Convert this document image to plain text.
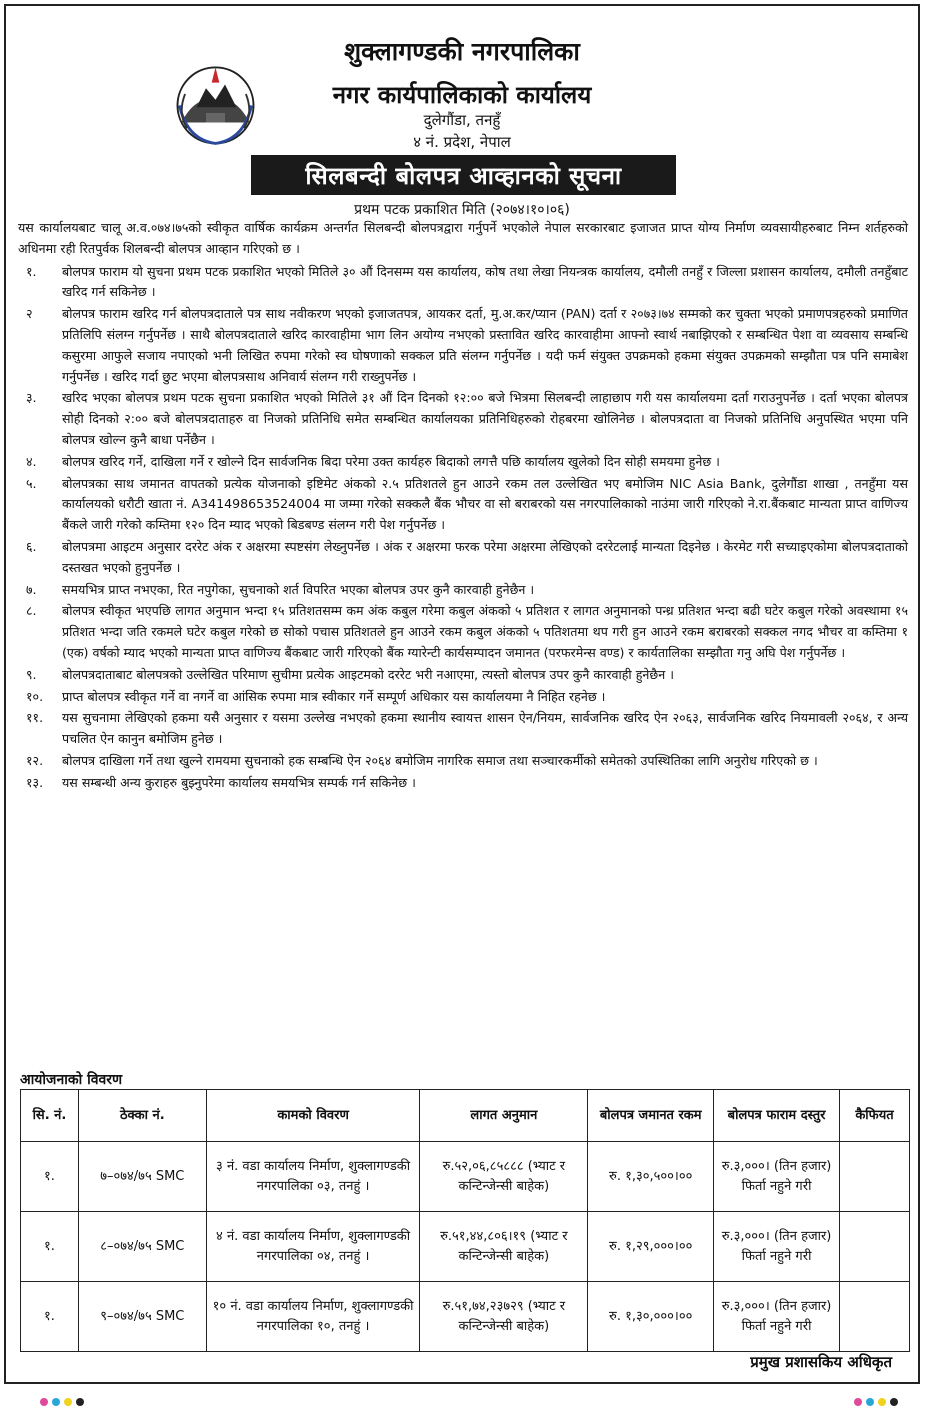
शुक्लागण्डकी नगरपालिका
नगर कार्यपालिकाको कार्यालय
दुलेगौंडा, तनहुँ
४ नं. प्रदेश, नेपाल
सिलबन्दी बोलपत्र आव्हानको सूचना
प्रथम पटक प्रकाशित मिति (२०७४।१०।०६)

यस कार्यालयबाट चालू अ.व.०७४।७५को स्वीकृत वार्षिक कार्यक्रम अन्तर्गत सिलबन्दी बोलपत्रद्वारा गर्नुपर्ने भएकोले नेपाल सरकारबाट इजाजत प्राप्त योग्य निर्माण व्यवसायीहरुबाट निम्न शर्तहरुको अधिनमा रही रितपुर्वक शिलबन्दी बोलपत्र आव्हान गरिएको छ ।

१.	बोलपत्र फाराम यो सुचना प्रथम पटक प्रकाशित भएको मितिले ३० औं दिनसम्म यस कार्यालय, कोष तथा लेखा नियन्त्रक कार्यालय, दमौली तनहुँ र जिल्ला प्रशासन कार्यालय, दमौली तनहुँबाट खरिद गर्न सकिनेछ ।
२	बोलपत्र फाराम खरिद गर्न बोलपत्रदाताले पत्र साथ नवीकरण भएको इजाजतपत्र, आयकर दर्ता, मु.अ.कर/प्यान (PAN) दर्ता र २०७३।७४ सम्मको कर चुक्ता भएको प्रमाणपत्रहरुको प्रमाणित प्रतिलिपि संलग्न गर्नुपर्नेछ । साथै बोलपत्रदाताले खरिद कारवाहीमा भाग लिन अयोग्य नभएको प्रस्तावित खरिद कारवाहीमा आफ्नो स्वार्थ नबाझिएको र सम्बन्धित पेशा वा व्यवसाय सम्बन्धि कसुरमा आफुले सजाय नपाएको भनी लिखित रुपमा गरेको स्व घोषणाको सक्कल प्रति संलग्न गर्नुपर्नेछ । यदी फर्म संयुक्त उपक्रमको हकमा संयुक्त उपक्रमको सम्झौता पत्र पनि समाबेश गर्नुपर्नेछ । खरिद गर्दा छुट भएमा बोलपत्रसाथ अनिवार्य संलग्न गरी राख्नुपर्नेछ ।
३.	खरिद भएका बोलपत्र प्रथम पटक सुचना प्रकाशित भएको मितिले ३१ औं दिन दिनको १२:०० बजे भित्रमा सिलबन्दी लाहाछाप गरी यस कार्यालयमा दर्ता गराउनुपर्नेछ । दर्ता भएका बोलपत्र सोही दिनको २:०० बजे बोलपत्रदाताहरु वा निजको प्रतिनिधि समेत सम्बन्धित कार्यालयका प्रतिनिधिहरुको रोहबरमा खोलिनेछ । बोलपत्रदाता वा निजको प्रतिनिधि अनुपस्थित भएमा पनि बोलपत्र खोल्न कुनै बाधा पर्नेछैन ।
४.	बोलपत्र खरिद गर्ने, दाखिला गर्ने र खोल्ने दिन सार्वजनिक बिदा परेमा उक्त कार्यहरु बिदाको लगत्तै पछि कार्यालय खुलेको दिन सोही समयमा हुनेछ ।
५.	बोलपत्रका साथ जमानत वापतको प्रत्येक योजनाको इष्टिमेट अंकको २.५ प्रतिशतले हुन आउने रकम तल उल्लेखित भए बमोजिम NIC Asia Bank, दुलेगौंडा शाखा , तनहुँमा यस कार्यालयको धरौटी खाता नं. A341498653524004 मा जम्मा गरेको सक्कलै बैंक भौचर वा सो बराबरको यस नगरपालिकाको नाउंमा जारी गरिएको ने.रा.बैंकबाट मान्यता प्राप्त वाणिज्य बैंकले जारी गरेको कम्तिमा १२० दिन म्याद भएको बिडबण्ड संलग्न गरी पेश गर्नुपर्नेछ ।
६.	बोलपत्रमा आइटम अनुसार दररेट अंक र अक्षरमा स्पष्टसंग लेख्नुपर्नेछ । अंक र अक्षरमा फरक परेमा अक्षरमा लेखिएको दररेटलाई मान्यता दिइनेछ । केरमेट गरी सच्याइएकोमा बोलपत्रदाताको दस्तखत भएको हुनुपर्नेछ ।
७.	समयभित्र प्राप्त नभएका, रित नपुगेका, सुचनाको शर्त विपरित भएका बोलपत्र उपर कुनै कारवाही हुनेछैन ।
८.	बोलपत्र स्वीकृत भएपछि लागत अनुमान भन्दा १५ प्रतिशतसम्म कम अंक कबुल गरेमा कबुल अंकको ५ प्रतिशत र लागत अनुमानको पन्ध्र प्रतिशत भन्दा बढी घटेर कबुल गरेको अवस्थामा १५ प्रतिशत भन्दा जति रकमले घटेर कबुल गरेको छ सोको पचास प्रतिशतले हुन आउने रकम कबुल अंकको ५ पतिशतमा थप गरी हुन आउने रकम बराबरको सक्कल नगद भौचर वा कम्तिमा १ (एक) वर्षको म्याद भएको मान्यता प्राप्त वाणिज्य बैंकबाट जारी गरिएको बैंक ग्यारेन्टी कार्यसम्पादन जमानत (परफरमेन्स वण्ड) र कार्यतालिका सम्झौता गनु अघि पेश गर्नुपर्नेछ ।
९.	बोलपत्रदाताबाट बोलपत्रको उल्लेखित परिमाण सुचीमा प्रत्येक आइटमको दररेट भरी नआएमा, त्यस्तो बोलपत्र उपर कुनै कारवाही हुनेछैन ।
१०.	प्राप्त बोलपत्र स्वीकृत गर्ने वा नगर्ने वा आंसिक रुपमा मात्र स्वीकार गर्ने सम्पूर्ण अधिकार यस कार्यालयमा नै निहित रहनेछ ।
११.	यस सुचनामा लेखिएको हकमा यसै अनुसार र यसमा उल्लेख नभएको हकमा स्थानीय स्वायत्त शासन ऐन/नियम, सार्वजनिक खरिद ऐन २०६३, सार्वजनिक खरिद नियमावली २०६४, र अन्य पचलित ऐन कानुन बमोजिम हुनेछ ।
१२.	बोलपत्र दाखिला गर्ने तथा खुल्ने रामयमा सुचनाको हक सम्बन्धि ऐन २०६४ बमोजिम नागरिक समाज तथा सञ्चारकर्मीको समेतको उपस्थितिका लागि अनुरोध गरिएको छ ।
१३.	यस सम्बन्धी अन्य कुराहरु बुझ्नुपरेमा कार्यालय समयभित्र सम्पर्क गर्न सकिनेछ ।
आयोजनाको विवरण
सि. नं.	ठेक्का नं.	कामको विवरण	लागत अनुमान	बोलपत्र जमानत रकम	बोलपत्र फाराम दस्तुर	कैफियत
१.	७–०७४/७५ SMC	३ नं. वडा कार्यालय निर्माण, शुक्लागण्डकी नगरपालिका ०३, तनहुं ।	रु.५२,०६,८५८८८ (भ्याट र कन्टिन्जेन्सी बाहेक)	रु. १,३०,५००।००	रु.३,०००। (तिन हजार) फिर्ता नहुने गरी	
१.	८–०७४/७५ SMC	४ नं. वडा कार्यालय निर्माण, शुक्लागण्डकी नगरपालिका ०४, तनहुं ।	रु.५१,४४,८०६।१९ (भ्याट र कन्टिन्जेन्सी बाहेक)	रु. १,२९,०००।००	रु.३,०००। (तिन हजार) फिर्ता नहुने गरी	
१.	९–०७४/७५ SMC	१० नं. वडा कार्यालय निर्माण, शुक्लागण्डकी नगरपालिका १०, तनहुं ।	रु.५१,७४,२३७२९ (भ्याट र कन्टिन्जेन्सी बाहेक)	रु. १,३०,०००।००	रु.३,०००। (तिन हजार) फिर्ता नहुने गरी	
प्रमुख प्रशासकिय अधिकृत
